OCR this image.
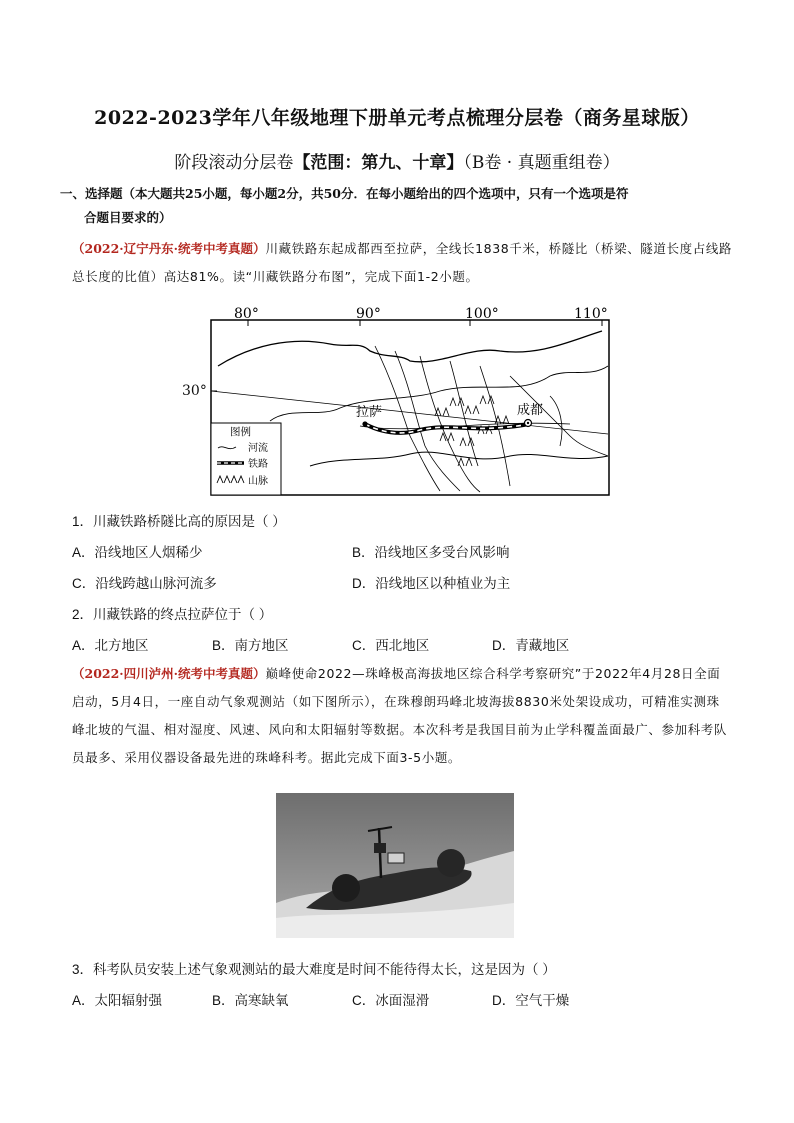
2022-2023学年八年级地理下册单元考点梳理分层卷（商务星球版）
阶段滚动分层卷【范围：第九、十章】（B卷 · 真题重组卷）
一、选择题（本大题共25小题，每小题2分，共50分．在每小题给出的四个选项中，只有一个选项是符
合题目要求的）
（2022·辽宁丹东·统考中考真题）川藏铁路东起成都西至拉萨，全线长1838千米，桥隧比（桥梁、隧道长度占线路总长度的比值）高达81%。读“川藏铁路分布图”，完成下面1-2小题。
80°	90°	100°	110°
拉萨	成都
图例
河流
铁路
山脉
30°
1．川藏铁路桥隧比高的原因是（ ）
A．沿线地区人烟稀少	B．沿线地区多受台风影响
C．沿线跨越山脉河流多	D．沿线地区以种植业为主
2．川藏铁路的终点拉萨位于（ ）
A．北方地区	B．南方地区	C．西北地区	D．青藏地区
（2022·四川泸州·统考中考真题）巅峰使命2022—珠峰极高海拔地区综合科学考察研究”于2022年4月28日全面启动，5月4日，一座自动气象观测站（如下图所示），在珠穆朗玛峰北坡海拔8830米处架设成功，可精准实测珠峰北坡的气温、相对湿度、风速、风向和太阳辐射等数据。本次科考是我国目前为止学科覆盖面最广、参加科考队员最多、采用仪器设备最先进的珠峰科考。据此完成下面3-5小题。
3．科考队员安装上述气象观测站的最大难度是时间不能待得太长，这是因为（ ）
A．太阳辐射强	B．高寒缺氧	C．冰面湿滑	D．空气干燥
